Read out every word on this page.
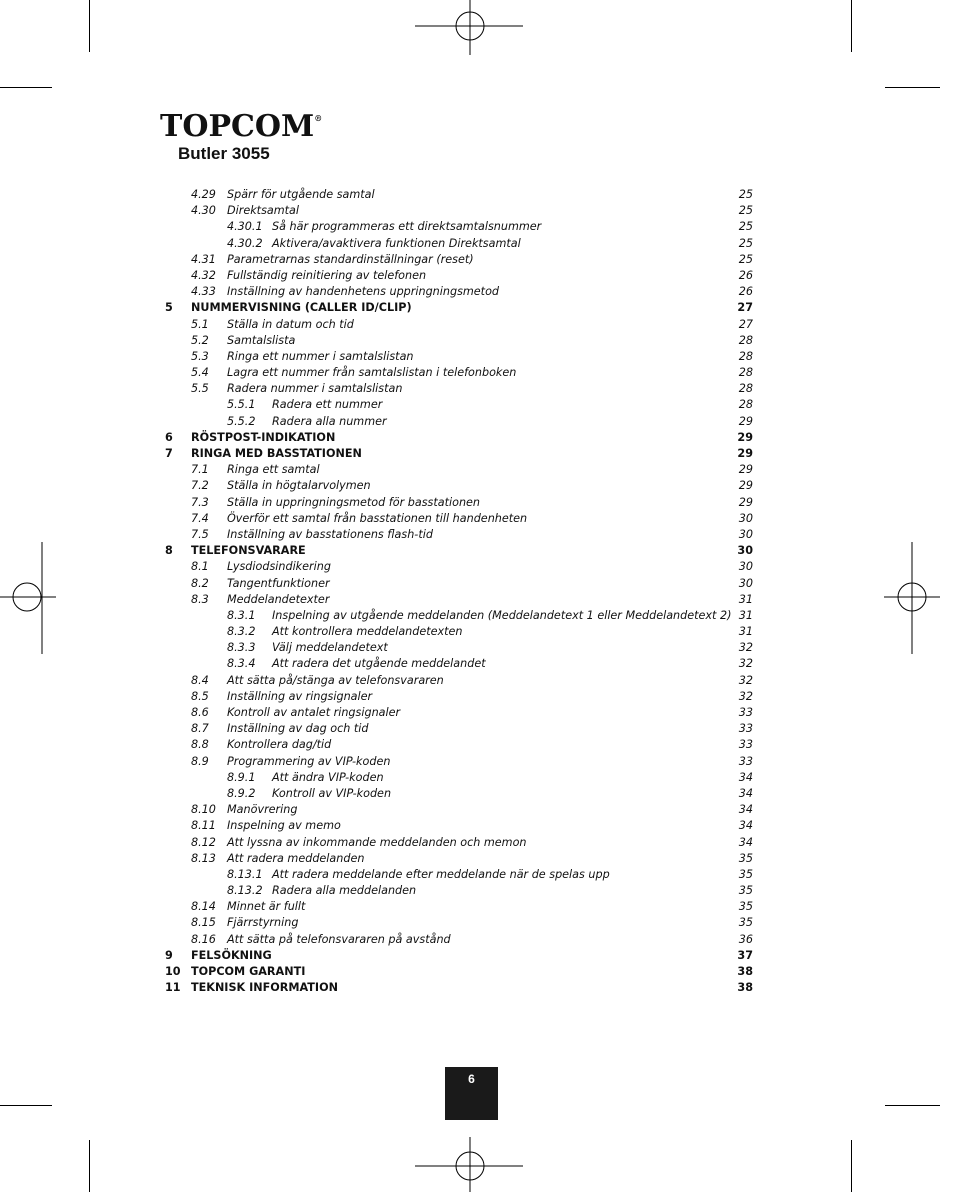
TOPCOM®
Butler 3055
4.29 Spärr för utgående samtal	25
4.30 Direktsamtal	25
4.30.1 Så här programmeras ett direktsamtalsnummer	25
4.30.2 Aktivera/avaktivera funktionen Direktsamtal	25
4.31 Parametrarnas standardinställningar (reset)	25
4.32 Fullständig reinitiering av telefonen	26
4.33 Inställning av handenhetens uppringningsmetod	26
5 NUMMERVISNING (CALLER ID/CLIP)	27
5.1 Ställa in datum och tid	27
5.2 Samtalslista	28
5.3 Ringa ett nummer i samtalslistan	28
5.4 Lagra ett nummer från samtalslistan i telefonboken	28
5.5 Radera nummer i samtalslistan	28
5.5.1 Radera ett nummer	28
5.5.2 Radera alla nummer	29
6 RÖSTPOST-INDIKATION	29
7 RINGA MED BASSTATIONEN	29
7.1 Ringa ett samtal	29
7.2 Ställa in högtalarvolymen	29
7.3 Ställa in uppringningsmetod för basstationen	29
7.4 Överför ett samtal från basstationen till handenheten	30
7.5 Inställning av basstationens flash-tid	30
8 TELEFONSVARARE	30
8.1 Lysdiodsindikering	30
8.2 Tangentfunktioner	30
8.3 Meddelandetexter	31
8.3.1 Inspelning av utgående meddelanden (Meddelandetext 1 eller Meddelandetext 2) 31
8.3.2 Att kontrollera meddelandetexten	31
8.3.3 Välj meddelandetext	32
8.3.4 Att radera det utgående meddelandet	32
8.4 Att sätta på/stänga av telefonsvararen	32
8.5 Inställning av ringsignaler	32
8.6 Kontroll av antalet ringsignaler	33
8.7 Inställning av dag och tid	33
8.8 Kontrollera dag/tid	33
8.9 Programmering av VIP-koden	33
8.9.1 Att ändra VIP-koden	34
8.9.2 Kontroll av VIP-koden	34
8.10 Manövrering	34
8.11 Inspelning av memo	34
8.12 Att lyssna av inkommande meddelanden och memon	34
8.13 Att radera meddelanden	35
8.13.1 Att radera meddelande efter meddelande när de spelas upp	35
8.13.2 Radera alla meddelanden	35
8.14 Minnet är fullt	35
8.15 Fjärrstyrning	35
8.16 Att sätta på telefonsvararen på avstånd	36
9 FELSÖKNING	37
10 TOPCOM GARANTI	38
11 TEKNISK INFORMATION	38
6
